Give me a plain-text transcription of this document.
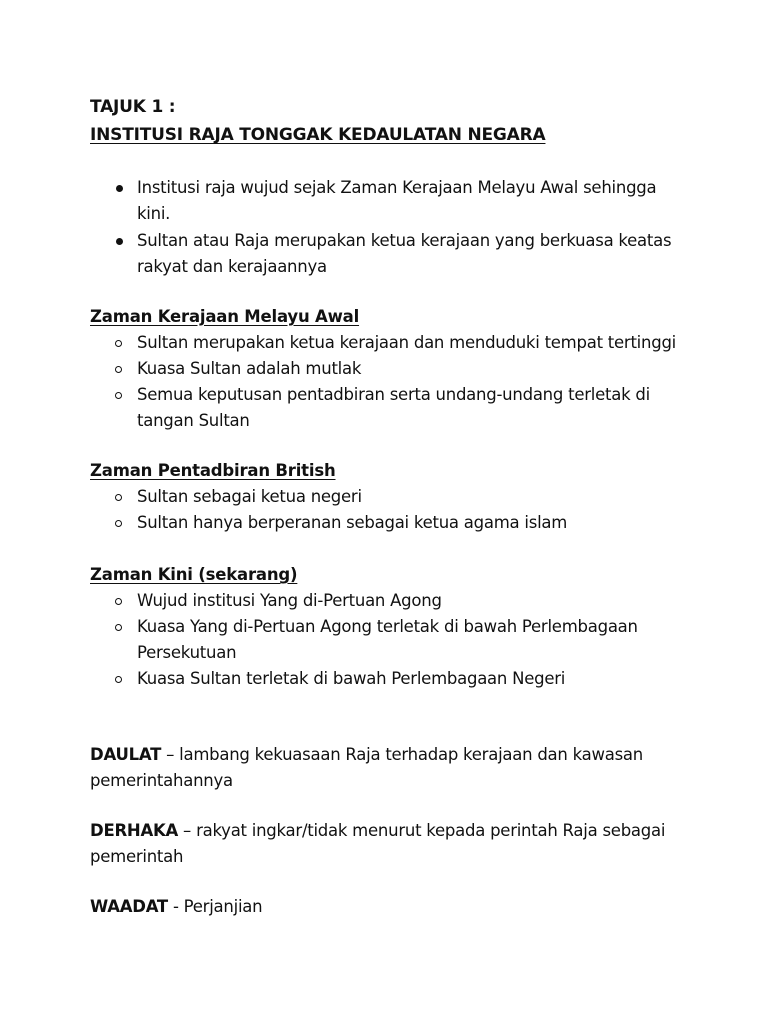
TAJUK 1 :
INSTITUSI RAJA TONGGAK KEDAULATAN NEGARA
Institusi raja wujud sejak Zaman Kerajaan Melayu Awal sehingga
kini.
Sultan atau Raja merupakan ketua kerajaan yang berkuasa keatas
rakyat dan kerajaannya
Zaman Kerajaan Melayu Awal
Sultan merupakan ketua kerajaan dan menduduki tempat tertinggi
Kuasa Sultan adalah mutlak
Semua keputusan pentadbiran serta undang-undang terletak di
tangan Sultan
Zaman Pentadbiran British
Sultan sebagai ketua negeri
Sultan hanya berperanan sebagai ketua agama islam
Zaman Kini (sekarang)
Wujud institusi Yang di-Pertuan Agong
Kuasa Yang di-Pertuan Agong terletak di bawah Perlembagaan
Persekutuan
Kuasa Sultan terletak di bawah Perlembagaan Negeri
DAULAT – lambang kekuasaan Raja terhadap kerajaan dan kawasan
pemerintahannya
DERHAKA – rakyat ingkar/tidak menurut kepada perintah Raja sebagai
pemerintah
WAADAT - Perjanjian
